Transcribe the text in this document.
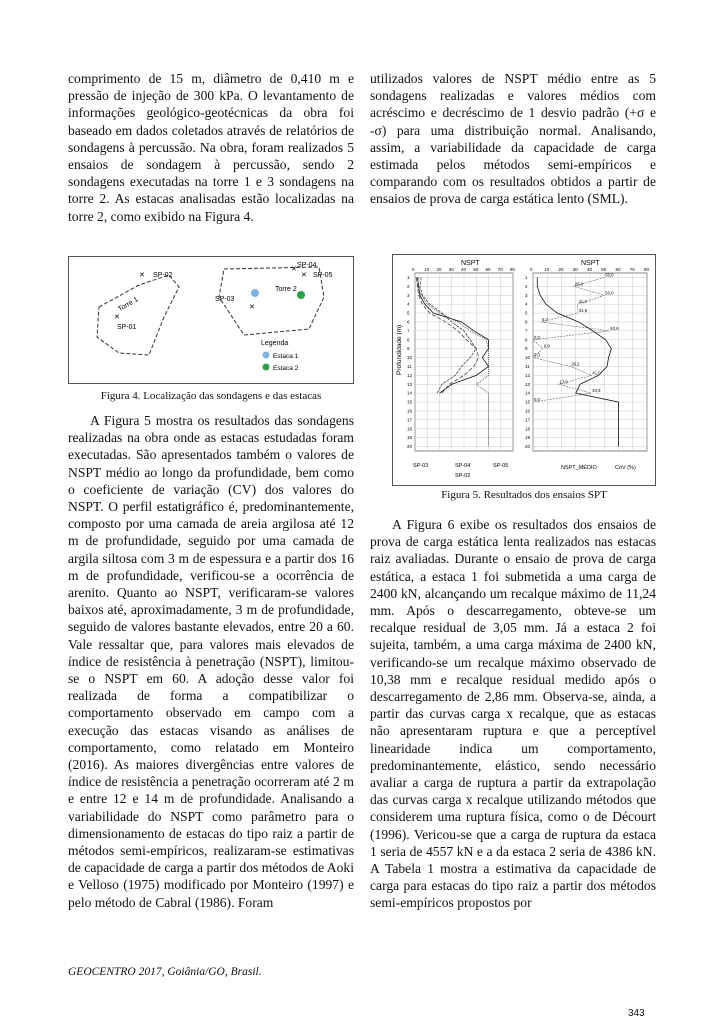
comprimento de 15 m, diâmetro de 0,410 m e pressão de injeção de 300 kPa. O levantamento de informações geológico-geotécnicas da obra foi baseado em dados coletados através de relatórios de sondagens à percussão. Na obra, foram realizados 5 ensaios de sondagem à percussão, sendo 2 sondagens executadas na torre 1 e 3 sondagens na torre 2. As estacas analisadas estão localizadas na torre 2, como exibido na Figura 4.

✕
✕
✕
✕
✕
SP-02
SP-04
SP-05
SP-03
SP-01
Torre 1
Torre 2
Legenda
Estaca 1
Estaca 2
Figura 4. Localização das sondagens e das estacas

A Figura 5 mostra os resultados das sondagens realizadas na obra onde as estacas estudadas foram executadas. São apresentados também o valores de NSPT médio ao longo da profundidade, bem como o coeficiente de variação (CV) dos valores do NSPT. O perfil estatigráfico é, predominantemente, composto por uma camada de areia argilosa até 12 m de profundidade, seguido por uma camada de argila siltosa com 3 m de espessura e a partir dos 16 m de profundidade, verificou-se a ocorrência de arenito. Quanto ao NSPT, verificaram-se valores baixos até, aproximadamente, 3 m de profundidade, seguido de valores bastante elevados, entre 20 a 60. Vale ressaltar que, para valores mais elevados de índice de resistência à penetração (NSPT), limitou-se o NSPT em 60. A adoção desse valor foi realizada de forma a compatibilizar o comportamento observado em campo com a execução das estacas visando as análises de comportamento, como relatado em Monteiro (2016). As maiores divergências entre valores de índice de resistência a penetração ocorreram até 2 m e entre 12 e 14 m de profundidade. Analisando a variabilidade do NSPT como parâmetro para o dimensionamento de estacas do tipo raiz a partir de métodos semi-empíricos, realizaram-se estimativas de capacidade de carga a partir dos métodos de Aoki e Velloso (1975) modificado por Monteiro (1997) e pelo método de Cabral (1986). Foram

utilizados valores de NSPT médio entre as 5 sondagens realizadas e valores médios com acréscimo e decréscimo de 1 desvio padrão (+σ e -σ) para uma distribuição normal. Analisando, assim, a variabilidade da capacidade de carga estimada pelos métodos semi-empíricos e comparando com os resultados obtidos a partir de ensaios de prova de carga estática lento (SML).

NSPT	NSPT
Profundidade (m)
0 10 20 30 40 50 60 70 80
1
2
3
4
5
6
7
8
9
10
11
12
13
14
15
16
17
18
19
20
0	10 20 30 40 50 60 70 80
1
2
3
4
5
6
7
8
9
10
11
12
13
14
15
16
17
18
19
20
50,0
28,6
50,0
31,3
31,6
5,7
53,6
0,0
6,9
0,0
26,2
41,0
17,9
40,9
0,0
SP-03	SP-04	SP-05
SP-02
NSPT_MÉDIO	CoV (%)
Figura 5. Resultados dos ensaios SPT

A Figura 6 exibe os resultados dos ensaios de prova de carga estática lenta realizados nas estacas raiz avaliadas. Durante o ensaio de prova de carga estática, a estaca 1 foi submetida a uma carga de 2400 kN, alcançando um recalque máximo de 11,24 mm. Após o descarregamento, obteve-se um recalque residual de 3,05 mm. Já a estaca 2 foi sujeita, também, a uma carga máxima de 2400 kN, verificando-se um recalque máximo observado de 10,38 mm e recalque residual medido após o descarregamento de 2,86 mm. Observa-se, ainda, a partir das curvas carga x recalque, que as estacas não apresentaram ruptura e que a perceptível linearidade indica um comportamento, predominantemente, elástico, sendo necessário avaliar a carga de ruptura a partir da extrapolação das curvas carga x recalque utilizando métodos que considerem uma ruptura física, como o de Décourt (1996). Vericou-se que a carga de ruptura da estaca 1 seria de 4557 kN e a da estaca 2 seria de 4386 kN. A Tabela 1 mostra a estimativa da capacidade de carga para estacas do tipo raiz a partir dos métodos semi-empíricos propostos por

GEOCENTRO 2017, Goiânia/GO, Brasil.
343
